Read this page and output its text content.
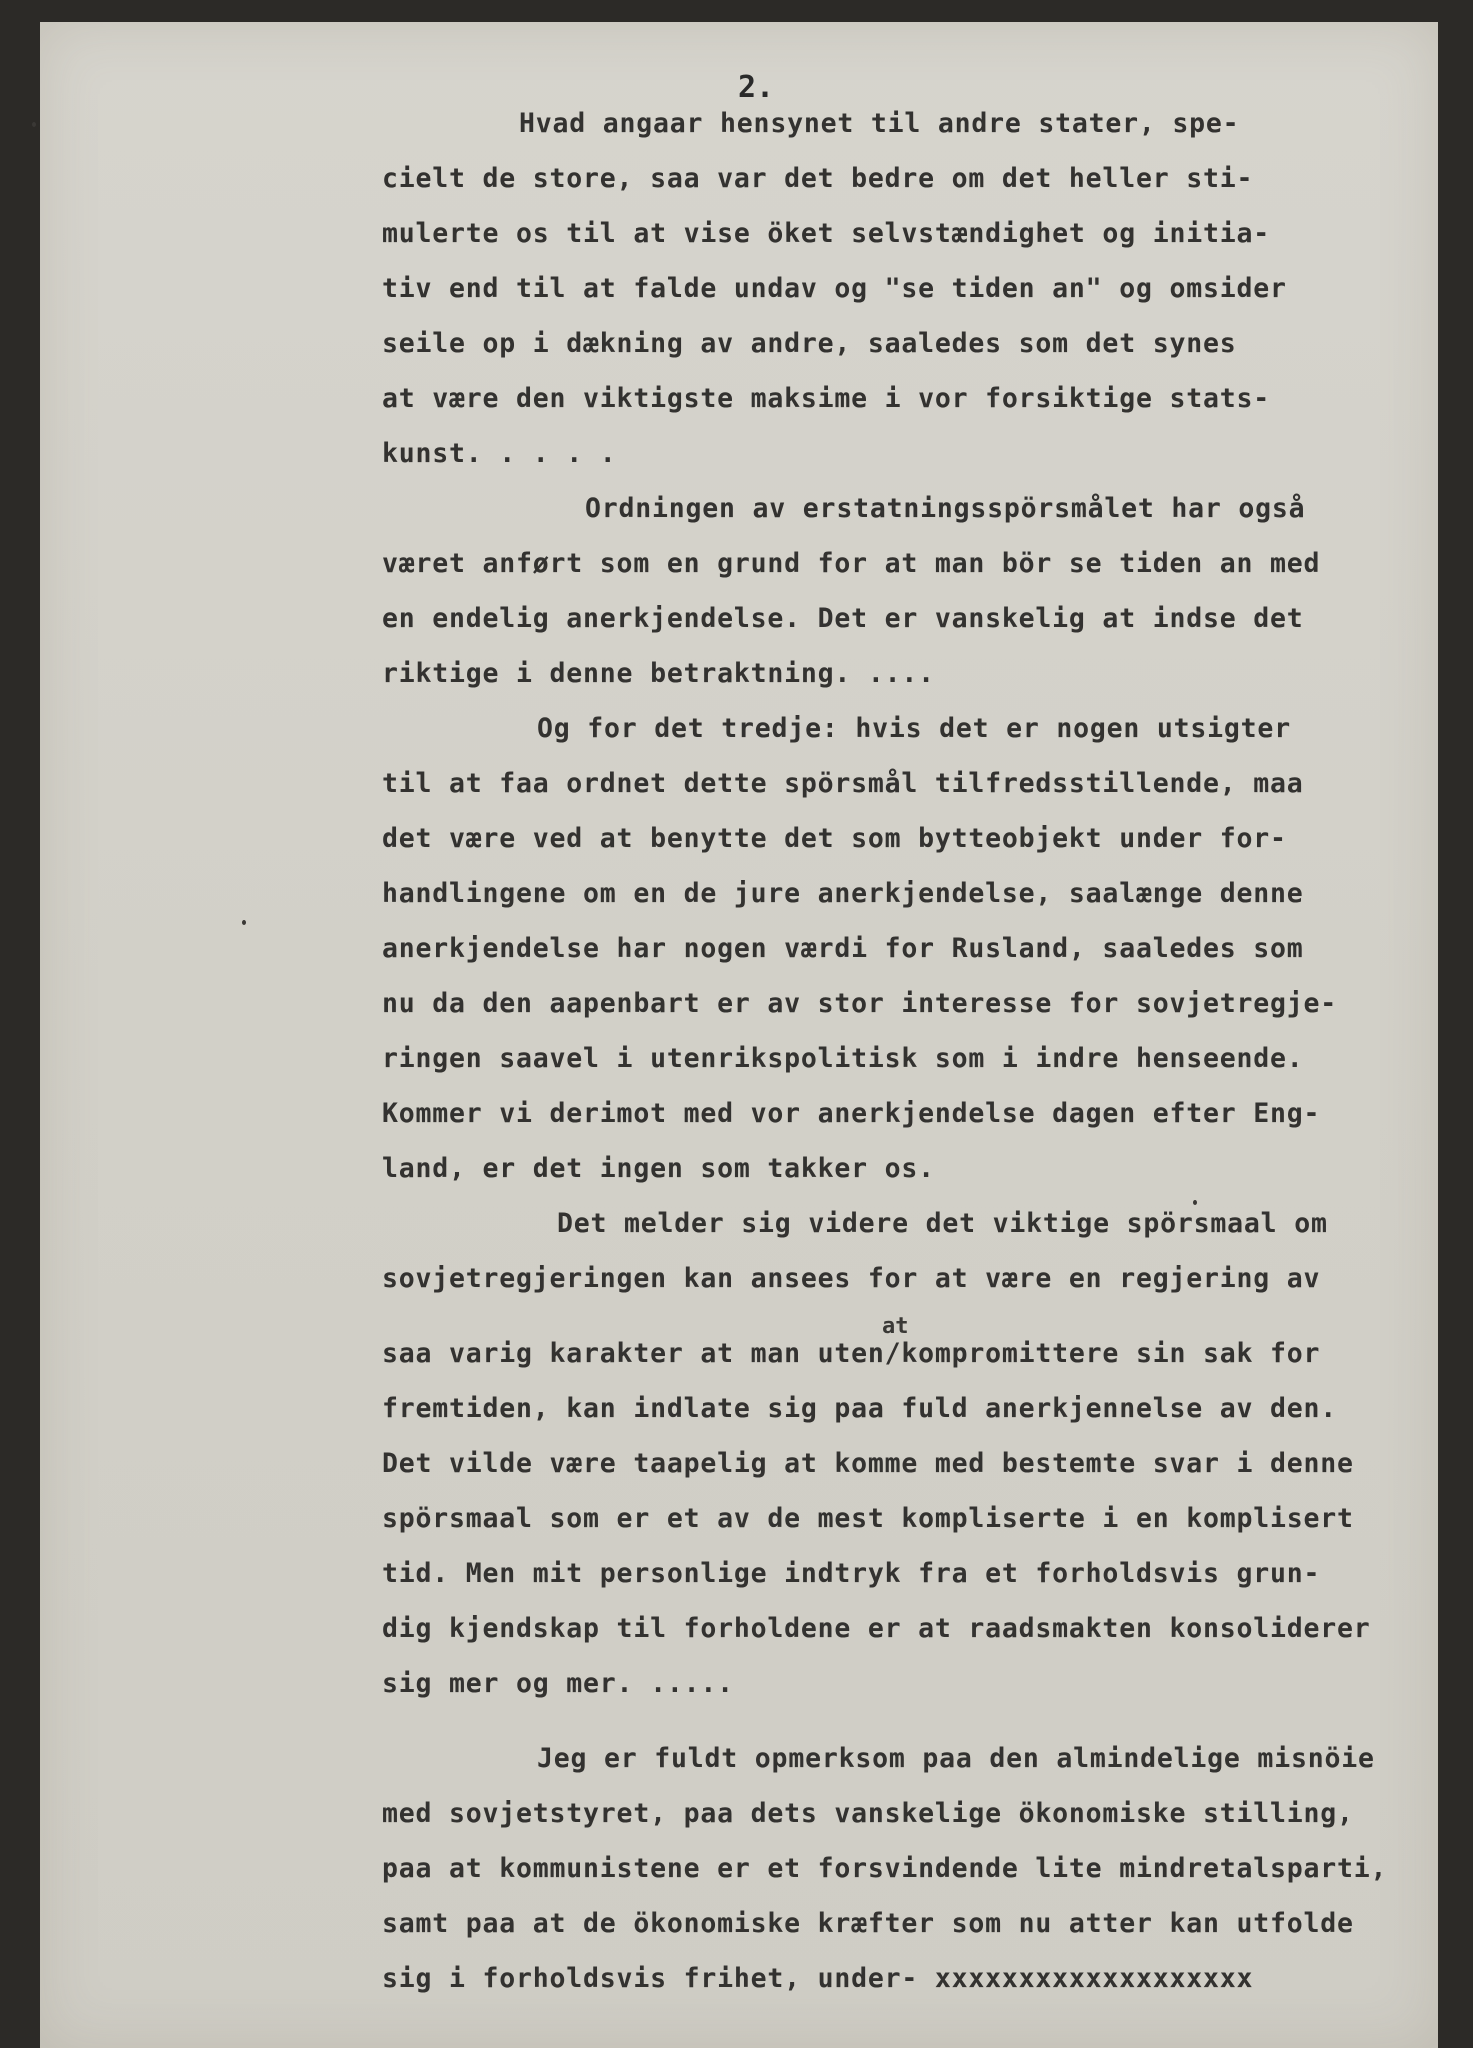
2.
Hvad angaar hensynet til andre stater, spe-
cielt de store, saa var det bedre om det heller sti-
mulerte os til at vise öket selvstændighet og initia-
tiv end til at falde undav og "se tiden an" og omsider
seile op i dækning av andre, saaledes som det synes
at være den viktigste maksime i vor forsiktige stats-
kunst. . . . .
Ordningen av erstatningsspörsmålet har også
været anført som en grund for at man bör se tiden an med
en endelig anerkjendelse. Det er vanskelig at indse det
riktige i denne betraktning. ....
Og for det tredje: hvis det er nogen utsigter
til at faa ordnet dette spörsmål tilfredsstillende, maa
det være ved at benytte det som bytteobjekt under for-
handlingene om en de jure anerkjendelse, saalænge denne
anerkjendelse har nogen værdi for Rusland, saaledes som
nu da den aapenbart er av stor interesse for sovjetregje-
ringen saavel i utenrikspolitisk som i indre henseende.
Kommer vi derimot med vor anerkjendelse dagen efter Eng-
land, er det ingen som takker os.
Det melder sig videre det viktige spörsmaal om
sovjetregjeringen kan ansees for at være en regjering av
at
saa varig karakter at man uten/kompromittere sin sak for
fremtiden, kan indlate sig paa fuld anerkjennelse av den.
Det vilde være taapelig at komme med bestemte svar i denne
spörsmaal som er et av de mest kompliserte i en komplisert
tid. Men mit personlige indtryk fra et forholdsvis grun-
dig kjendskap til forholdene er at raadsmakten konsoliderer
sig mer og mer. .....
Jeg er fuldt opmerksom paa den almindelige misnöie
med sovjetstyret, paa dets vanskelige ökonomiske stilling,
paa at kommunistene er et forsvindende lite mindretalsparti,
samt paa at de ökonomiske kræfter som nu atter kan utfolde
sig i forholdsvis frihet, under- xxxxxxxxxxxxxxxxxxx
